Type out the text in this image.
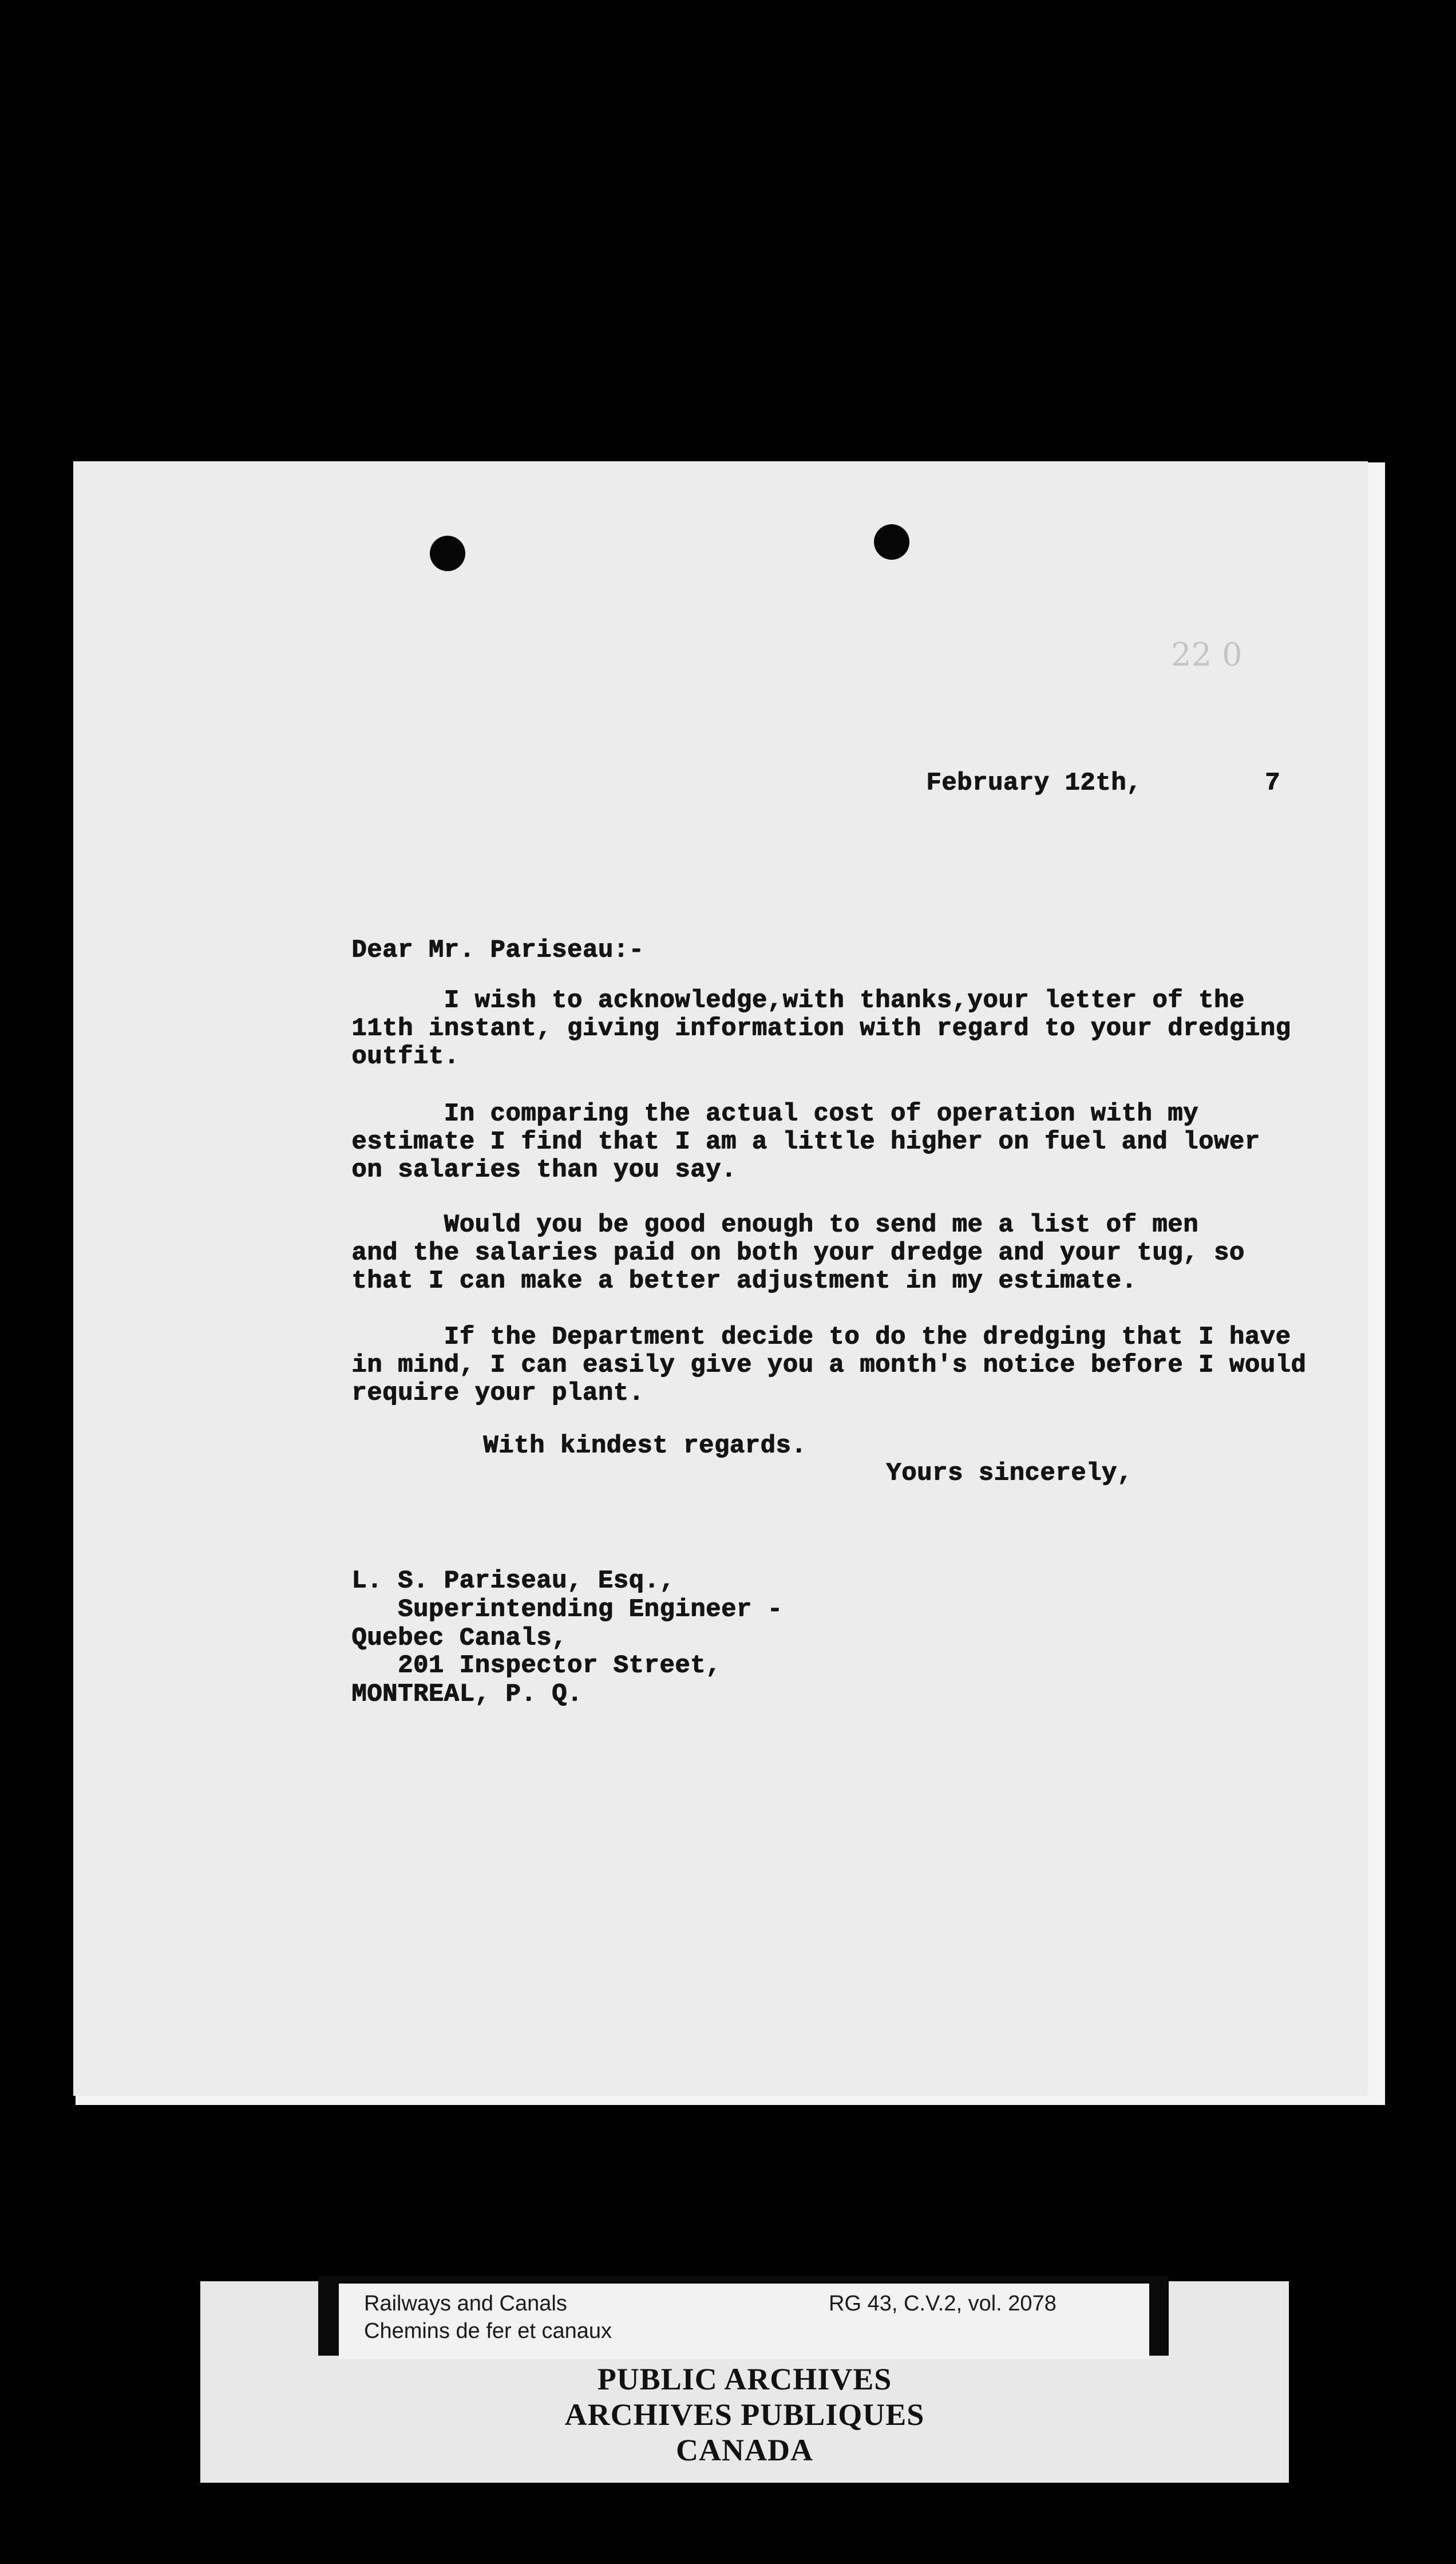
22 0
February 12th,        7
Dear Mr. Pariseau:-
I wish to acknowledge,with thanks,your letter of the
11th instant, giving information with regard to your dredging
outfit.
In comparing the actual cost of operation with my
estimate I find that I am a little higher on fuel and lower
on salaries than you say.
Would you be good enough to send me a list of men
and the salaries paid on both your dredge and your tug, so
that I can make a better adjustment in my estimate.
If the Department decide to do the dredging that I have
in mind, I can easily give you a month's notice before I would
require your plant.
With kindest regards.
Yours sincerely,
L. S. Pariseau, Esq.,
Superintending Engineer -
Quebec Canals,
201 Inspector Street,
MONTREAL, P. Q.
Railways and Canals
Chemins de fer et canaux
RG 43, C.V.2, vol. 2078
PUBLIC ARCHIVES
ARCHIVES PUBLIQUES
CANADA
